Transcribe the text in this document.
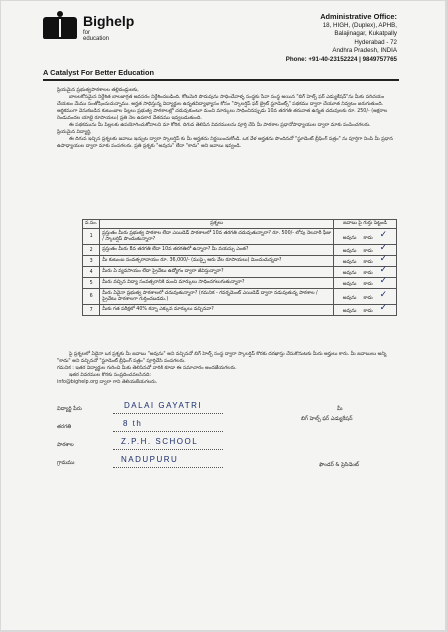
Bighelp
for education
A Catalyst For Better Education
Administrative Office:
18, HIGH, (Duplex), APHB,
Balajinagar, Kukatpally
Hyderabad - 72
Andhra Pradesh, INDIA
Phone: +91-40-23152224 | 9849757765

ప్రియమైన ప్రభుత్వపాఠశాలల తల్లిదండ్రులకు,

బాలలకోసమైన నిర్దేశిత బాలజాగ్రత అవసరం నిర్దేశించబడింది. కోటమెరి పొదుపును సాధించేవాళ్ళ సంస్థకు సేవా సంస్థ అయిన "బిగ్ హెల్ప్ ఫర్ ఎడ్యుకేషన్"ను మీకు పరిచయం చేయటం మేము సంతోషించుచున్నాము. అర్హత సాధిస్తున్న విద్యార్థుల ఉన్నతవిద్యాభ్యాసం కోసం "స్కాలర్షిప్ ఫర్ బ్రైట్ స్టూడెంట్స్" పథకము ద్వారా చేయూత నివ్వటం జరుగుతుంది. ఆర్థికముగా వెనుకబడిన కుటుంబాల పిల్లలు ప్రభుత్వ పాఠశాలల్లో చదువుకుంటూ మంచి మార్కులు సాధించినప్పుడు 10వ తరగతి తరువాత ఉన్నత చదువులకు రూ. 250/- (అక్షరాల రెండువందల యాభై రూపాయలు) ప్రతి నెల ఉపకార వేతనము ఇవ్వబడుతుంది.

ఈ పథకమును మీ పిల్లలకు ఉపయోగించుకోవాలని మా కోరిక. దిగువ తెలిపిన వివరములను పూర్తి చేసి మీ పాఠశాల ప్రధానోపాధ్యాయుల ద్వారా మాకు పంపించగలరు.

ప్రియమైన విద్యార్థి,

ఈ దిగువ ఇచ్చిన ప్రశ్నలకు జవాబు ఇచ్చుట ద్వారా స్కాలర్షిప్ కు మీ అర్హతను నిర్ణయించుకోండి. ఒక వేళ అర్హతను పొందినచో "స్టూడెంట్ బ్రీఫింగ్ పత్రం" ను పూర్తిగా నింపి మీ ప్రధాన ఉపాధ్యాయుల ద్వారా మాకు పంపగలరు. ప్రతి ప్రశ్నకు "అవును" లేదా "కాదు" అని జవాబు ఇవ్వండి.

వ.సం.	ప్రశ్నలు	జవాబు పై గుర్తు పెట్టండి
1	ప్రస్తుతం మీరు ప్రభుత్వ పాఠశాల లేదా ఎయిడెడ్ పాఠశాలలో 10వ తరగతి చదువుతున్నారా? రూ. 500/- లోపు నెలవారీ ఫీజు / స్కాలర్షిప్ పొందుతున్నారా?	అవును కాదు ✓
2	ప్రస్తుతం మీరు 8వ తరగతి లేదా 10వ తరగతిలో ఉన్నారా? మీ వయస్సు ఎంత?	అవును కాదు ✓
3	మీ కుటుంబ సంవత్సరాదాయం రూ. 36,000/- (ముప్పై ఆరు వేల రూపాయలు) మించుచున్నదా?	అవును కాదు ✓
4	మీరు ఏ వ్యవసాయం లేదా ప్రైవేటు ఉద్యోగం ద్వారా జీవిస్తున్నారా?	అవును కాదు ✓
5	మీరు వచ్చిన విద్యా సంవత్సరానికి మంచి మార్కులు సాధించగలుగుతున్నారా?	అవును కాదు ✓
6	మీరు ఏవైనా ప్రభుత్వ పాఠశాలలో చదువుతున్నారా? (గమనిక - గవర్నమెంట్ ఎయిడెడ్ ద్వారా నడుపుతున్న పాఠశాల / ప్రైవేటు పాఠశాలగా గుర్తించబడదు.)	అవును కాదు ✓
7	మీకు గత పరీక్షలో 40% కన్నా ఎక్కువ మార్కులు వచ్చినవా?	అవును కాదు ✓

పై ప్రశ్నలలో ఏదైనా ఒక ప్రశ్నకు మీ జవాబు "అవును" అని వచ్చినచో బిగ్ హెల్ప్ సంస్థ ద్వారా స్కాలర్షిప్ కొరకు దరఖాస్తు చేసుకొనుటకు మీరు అర్హులు కారు. మీ జవాబులు అన్ని "కాదు" అని వచ్చినచో "స్టూడెంట్ బ్రీఫింగ్ పత్రం" పూర్తిచేసి పంపగలరు.

గమనిక : ఇతర విద్యార్థుల గురించి మీకు తెలిసినచో వారికి కూడా ఈ సమాచారం అందజేయగలరు.

ఇతర వివరముల కొరకు సంప్రదించవలసినది:

info@bighelp.org ద్వారా గాని తెలియజేయగలరు.

విద్యార్థి పేరు	DALAI GAYATRI
తరగతి	8 th
పాఠశాల	Z.P.H. SCHOOL
గ్రామము	NADUPURU
మీ
బిగ్ హెల్ప్ ఫర్ ఎడ్యుకేషన్
ఫౌండర్ & ప్రెసిడెంట్
